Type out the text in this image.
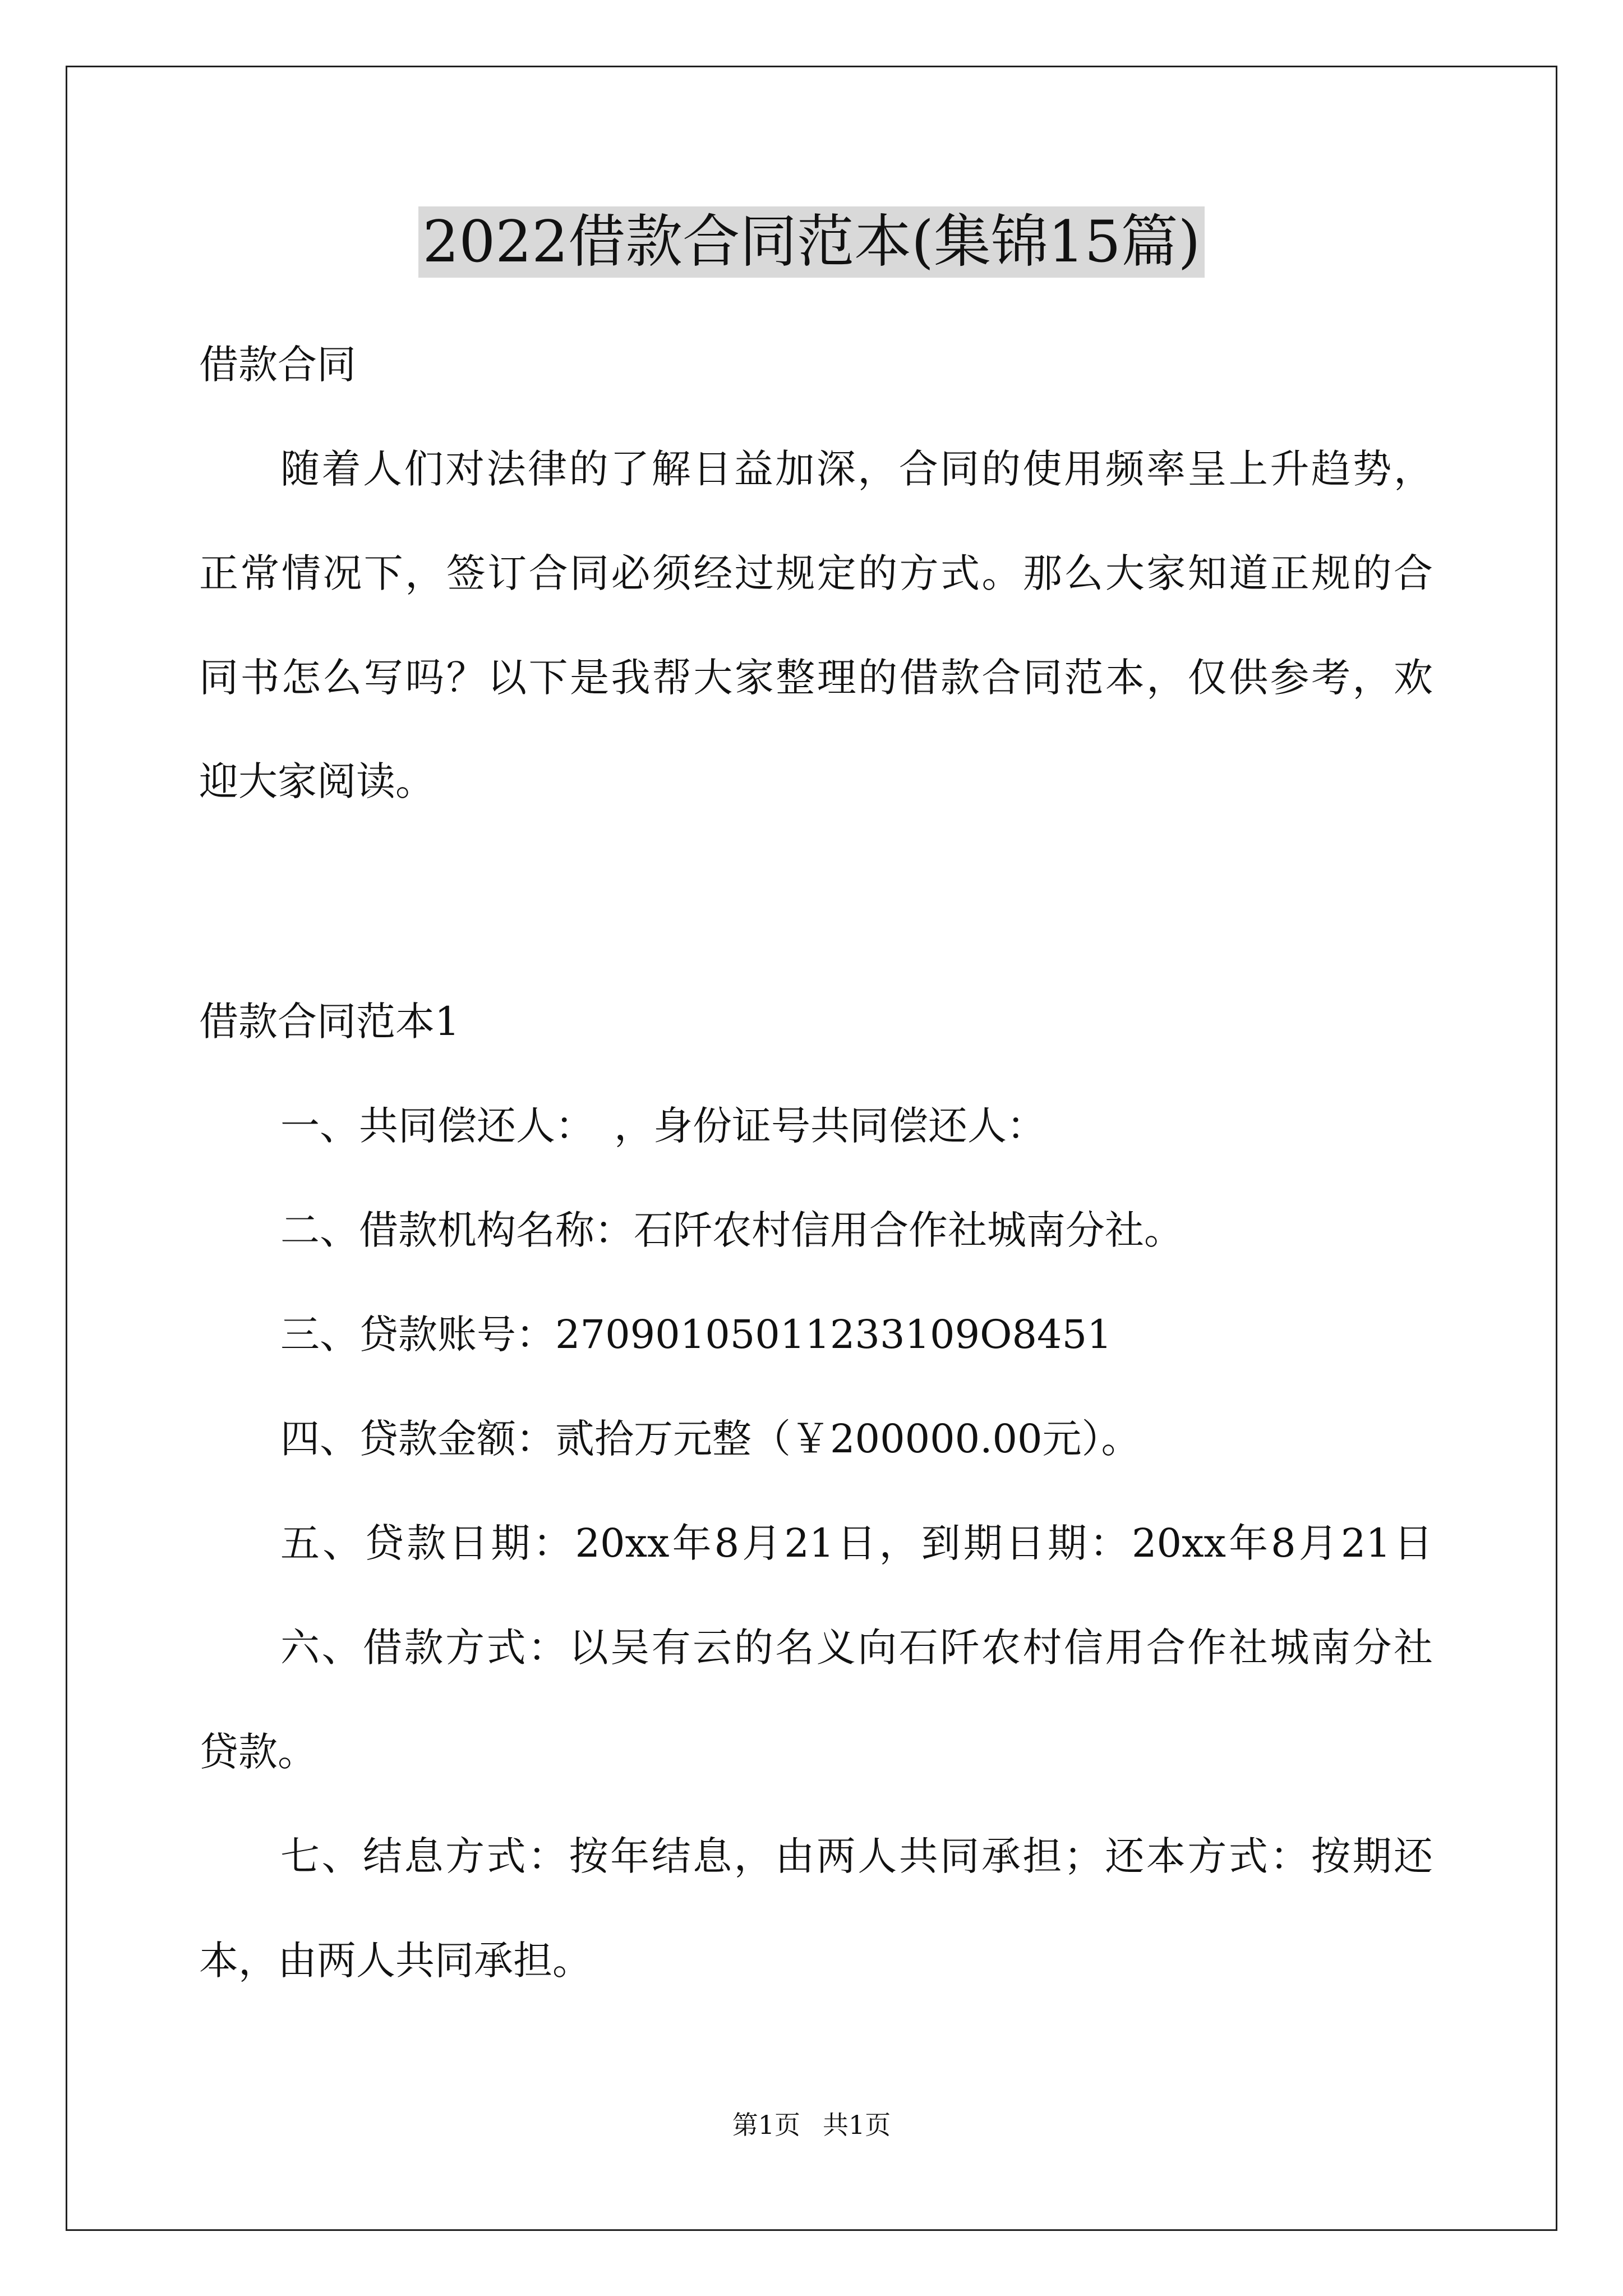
2022借款合同范本(集锦15篇)

借款合同

随着人们对法律的了解日益加深，合同的使用频率呈上升趋势，

正常情况下，签订合同必须经过规定的方式。那么大家知道正规的合

同书怎么写吗？以下是我帮大家整理的借款合同范本，仅供参考，欢

迎大家阅读。

借款合同范本1

一、共同偿还人：　，身份证号共同偿还人：

二、借款机构名称：石阡农村信用合作社城南分社。

三、贷款账号：27090105011233109O8451

四、贷款金额：贰拾万元整（￥200000.00元）。

五、贷款日期：20xx年8月21日，到期日期：20xx年8月21日

六、借款方式：以吴有云的名义向石阡农村信用合作社城南分社

贷款。

七、结息方式：按年结息，由两人共同承担；还本方式：按期还

本，由两人共同承担。

第1页 共1页
